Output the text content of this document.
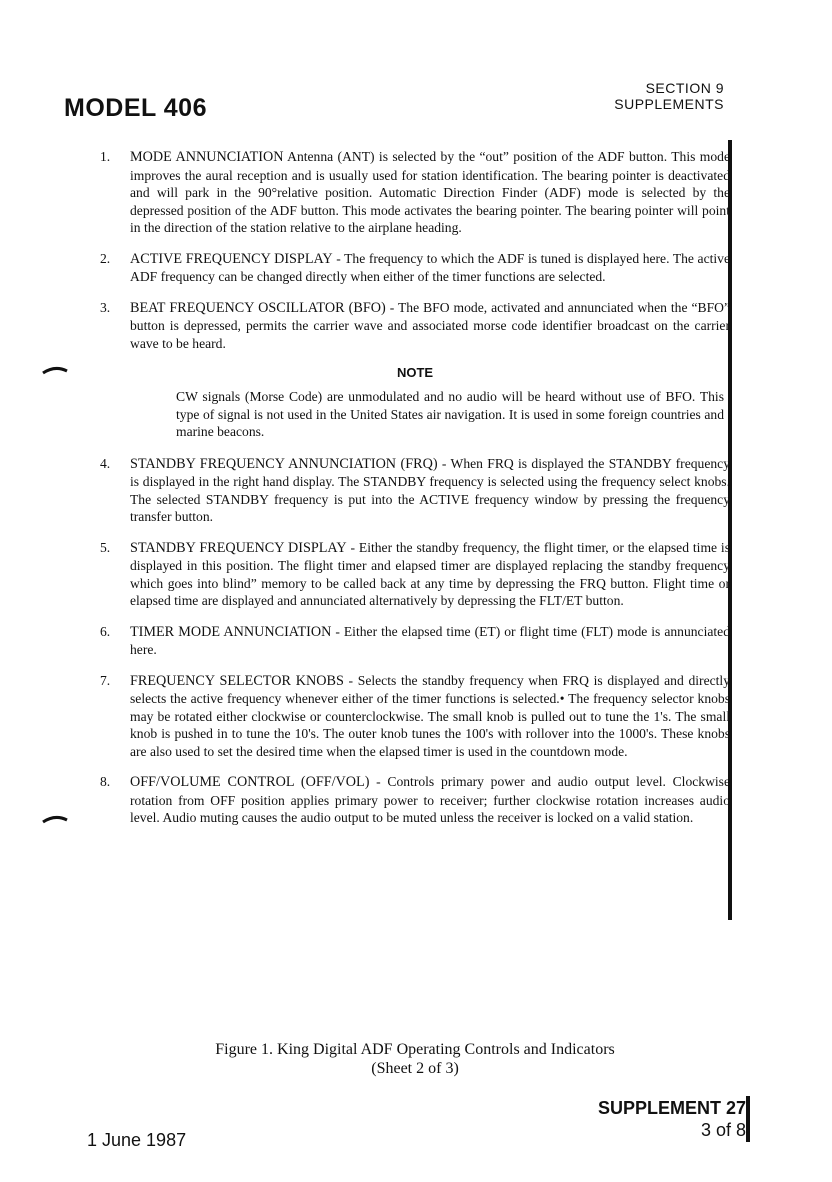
MODEL 406
SECTION 9
SUPPLEMENTS
1. MODE ANNUNCIATION Antenna (ANT) is selected by the “out” position of the ADF button. This mode improves the aural reception and is usually used for station identification. The bearing pointer is deactivated and will park in the 90°relative position. Automatic Direction Finder (ADF) mode is selected by the depressed position of the ADF button. This mode activates the bearing pointer. The bearing pointer will point in the direction of the station relative to the airplane heading.
2. ACTIVE FREQUENCY DISPLAY - The frequency to which the ADF is tuned is displayed here. The active ADF frequency can be changed directly when either of the timer functions are selected.
3. BEAT FREQUENCY OSCILLATOR (BFO) - The BFO mode, activated and annunciated when the “BFO” button is depressed, permits the carrier wave and associated morse code identifier broadcast on the carrier wave to be heard.
NOTE
CW signals (Morse Code) are unmodulated and no audio will be heard without use of BFO. This type of signal is not used in the United States air navigation. It is used in some foreign countries and marine beacons.
4. STANDBY FREQUENCY ANNUNCIATION (FRQ) - When FRQ is displayed the STANDBY frequency is displayed in the right hand display. The STANDBY frequency is selected using the frequency select knobs. The selected STANDBY frequency is put into the ACTIVE frequency window by pressing the frequency transfer button.
5. STANDBY FREQUENCY DISPLAY - Either the standby frequency, the flight timer, or the elapsed time is displayed in this position. The flight timer and elapsed timer are displayed replacing the standby frequency which goes into blind” memory to be called back at any time by depressing the FRQ button. Flight time or elapsed time are displayed and annunciated alternatively by depressing the FLT/ET button.
6. TIMER MODE ANNUNCIATION - Either the elapsed time (ET) or flight time (FLT) mode is annunciated here.
7. FREQUENCY SELECTOR KNOBS - Selects the standby frequency when FRQ is displayed and directly selects the active frequency whenever either of the timer functions is selected.• The frequency selector knobs may be rotated either clockwise or counterclockwise. The small knob is pulled out to tune the 1's. The small knob is pushed in to tune the 10's. The outer knob tunes the 100's with rollover into the 1000's. These knobs are also used to set the desired time when the elapsed timer is used in the countdown mode.
8. OFF/VOLUME CONTROL (OFF/VOL) - Controls primary power and audio output level. Clockwise rotation from OFF position applies primary power to receiver; further clockwise rotation increases audio level. Audio muting causes the audio output to be muted unless the receiver is locked on a valid station.
Figure 1. King Digital ADF Operating Controls and Indicators
(Sheet 2 of 3)
SUPPLEMENT 27
3 of 8
1 June 1987
